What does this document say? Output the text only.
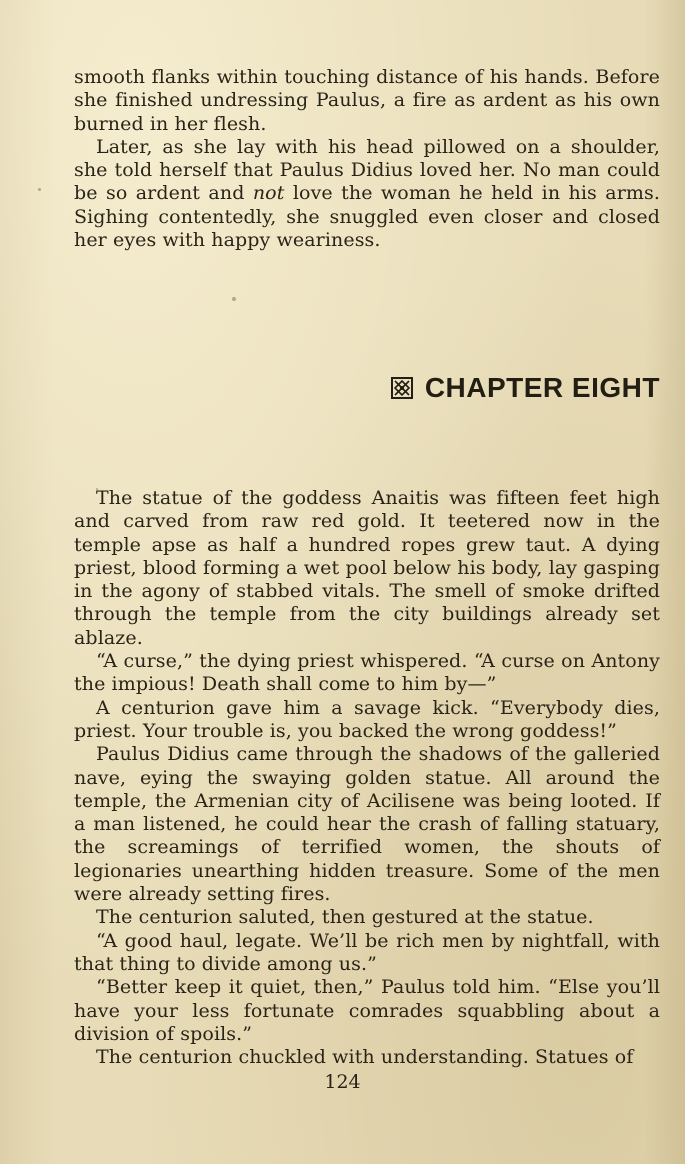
smooth flanks within touching distance of his hands. Before she finished undressing Paulus, a fire as ardent as his own burned in her flesh.

Later, as she lay with his head pillowed on a shoulder, she told herself that Paulus Didius loved her. No man could be so ardent and not love the woman he held in his arms. Sighing contentedly, she snuggled even closer and closed her eyes with happy weariness.

CHAPTER EIGHT

The statue of the goddess Anaitis was fifteen feet high and carved from raw red gold. It teetered now in the temple apse as half a hundred ropes grew taut. A dying priest, blood forming a wet pool below his body, lay gasping in the agony of stabbed vitals. The smell of smoke drifted through the temple from the city buildings already set ablaze.

“A curse,” the dying priest whispered. “A curse on Antony the impious! Death shall come to him by—”

A centurion gave him a savage kick. “Everybody dies, priest. Your trouble is, you backed the wrong goddess!”

Paulus Didius came through the shadows of the galleried nave, eying the swaying golden statue. All around the temple, the Armenian city of Acilisene was being looted. If a man listened, he could hear the crash of falling statuary, the screamings of terrified women, the shouts of legionaries unearthing hidden treasure. Some of the men were already setting fires.

The centurion saluted, then gestured at the statue.

“A good haul, legate. We’ll be rich men by nightfall, with that thing to divide among us.”

“Better keep it quiet, then,” Paulus told him. “Else you’ll have your less fortunate comrades squabbling about a division of spoils.”

The centurion chuckled with understanding. Statues of

124
